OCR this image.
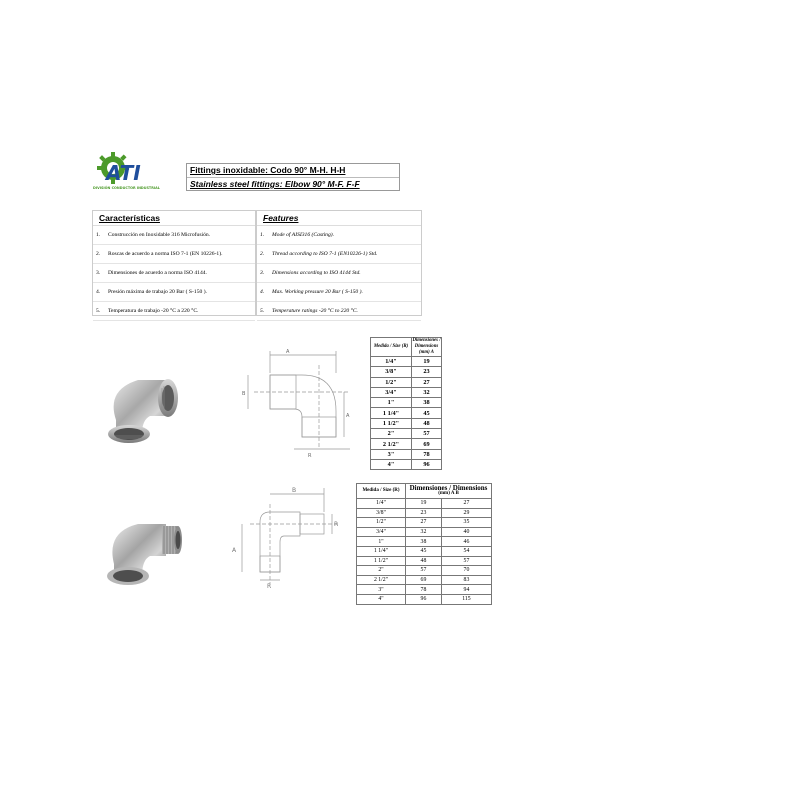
ATI
DIVISIÓN CONDUCTOR INDUSTRIAL
Fittings inoxidable: Codo 90° M-H. H-H
Stainless steel fittings: Elbow 90° M-F. F-F
Características
1. Construcción en Inoxidable 316 Microfusión.
2. Roscas de acuerdo a norma ISO 7-1 (EN 10226-1).
3. Dimensiones de acuerdo a norma ISO 4144.
4. Presión máxima de trabajo 20 Bar ( S-150 ).
5. Temperatura de trabajo -20 °C a 220 °C.
Features
1. Mode of AISI316 (Casting).
2. Thread according to ISO 7-1 (EN10226-1) Std.
3. Dimensions according to ISO 4144 Std.
4. Max. Working pressure 20 Bar ( S-150 ).
5. Temperature ratings -20 °C to 220 °C.
A
A
B
R
Medida / Size (R)	Dimensiones / Dimensions (mm) A
1/4"	19
3/8"	23
1/2"	27
3/4"	32
1"	38
1 1/4"	45
1 1/2"	48
2"	57
2 1/2"	69
3"	78
4"	96
B
A
R
R
Medida / Size (R)	Dimensiones / Dimensions
(mm) A B	

1/4"	19	27
3/8"	23	29
1/2"	27	35
3/4"	32	40
1"	38	46
1 1/4"	45	54
1 1/2"	48	57
2"	57	70
2 1/2"	69	83
3"	78	94
4"	96	115
